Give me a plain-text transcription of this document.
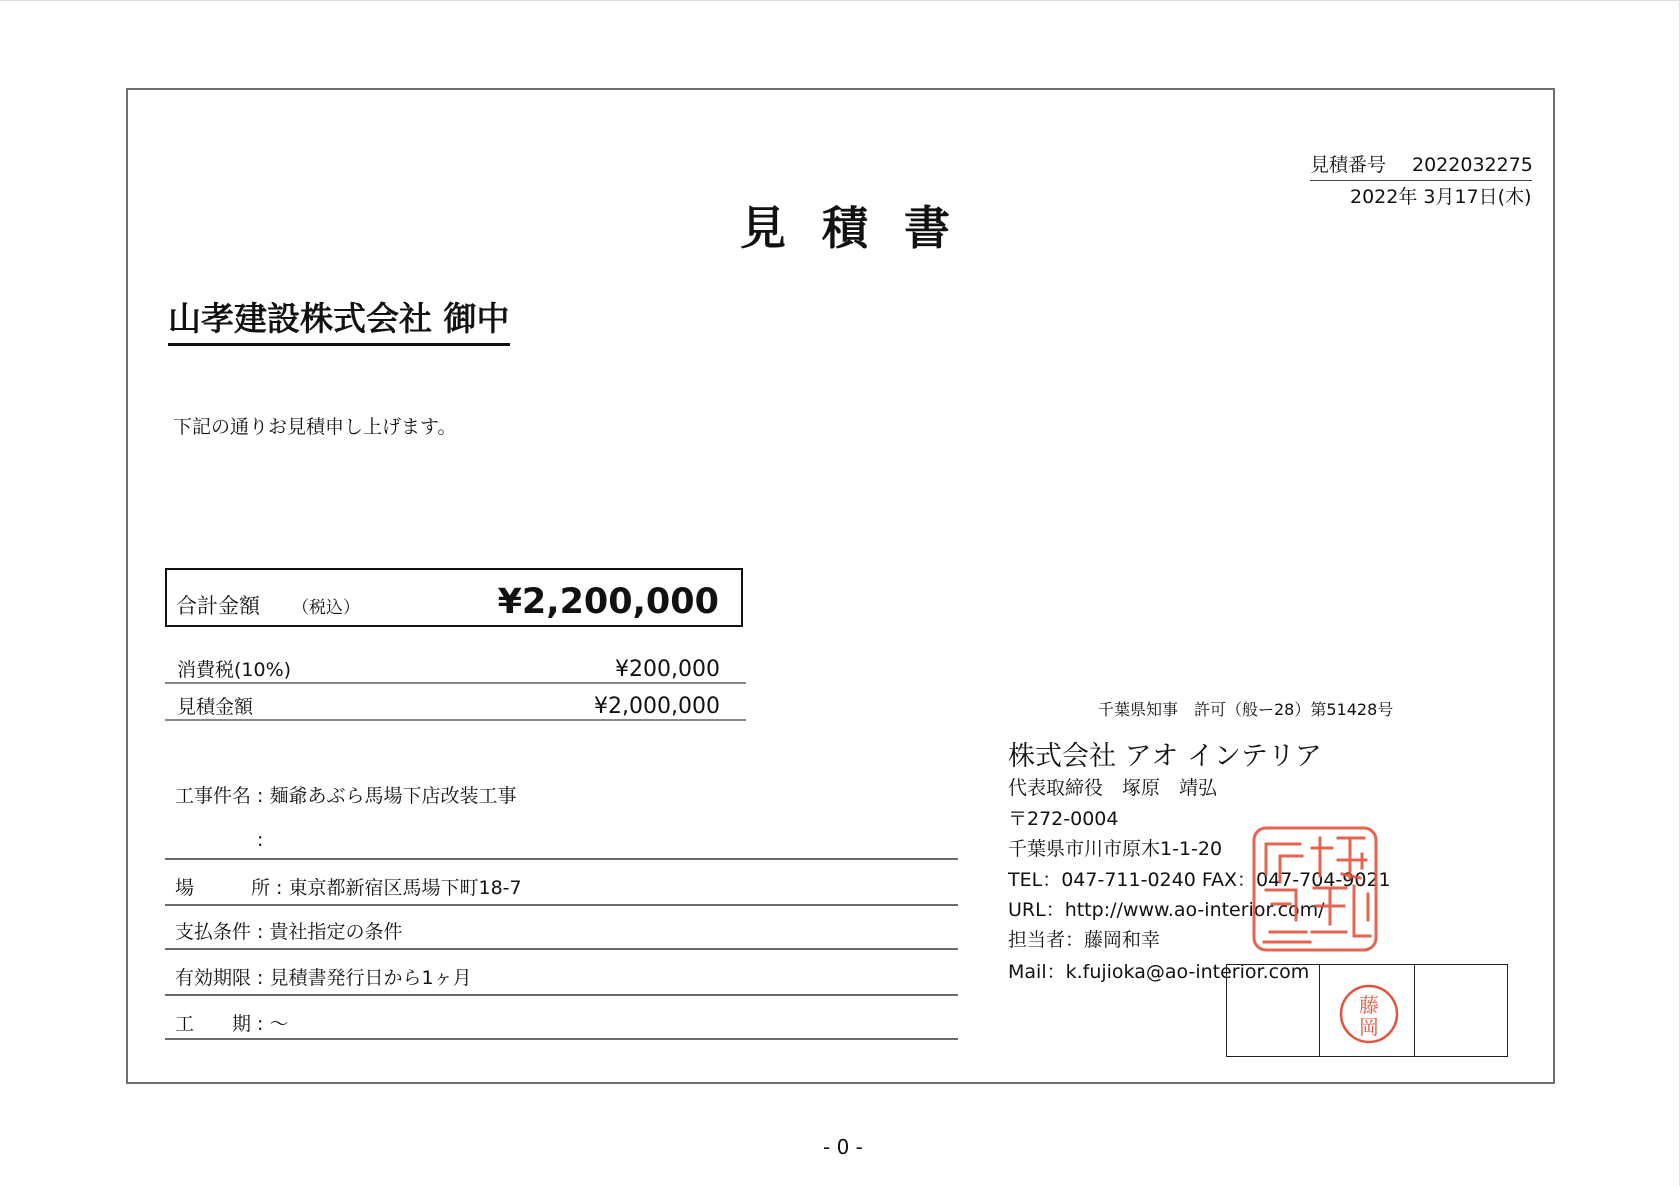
見 積 書
見積番号 2022032275
2022年 3月17日(木)
山孝建設株式会社 御中
下記の通りお見積申し上げます。
合計金額 （税込）	¥2,200,000
消費税(10%)	¥200,000
見積金額	¥2,000,000
工事件名 : 麺爺あぶら馬場下店改装工事
　　　　 :
場　　　所 : 東京都新宿区馬場下町18-7
支払条件 : 貴社指定の条件
有効期限 : 見積書発行日から1ヶ月
工　　期 : 〜
千葉県知事　許可（般ー28）第51428号
株式会社 アオ インテリア
代表取締役　塚原　靖弘
〒272-0004
千葉県市川市原木1-1-20
TEL：047-711-0240 FAX：047-704-9021
URL：http://www.ao-interior.com/
担当者：藤岡和幸
Mail：k.fujioka@ao-interior.com
藤
岡
- 0 -
